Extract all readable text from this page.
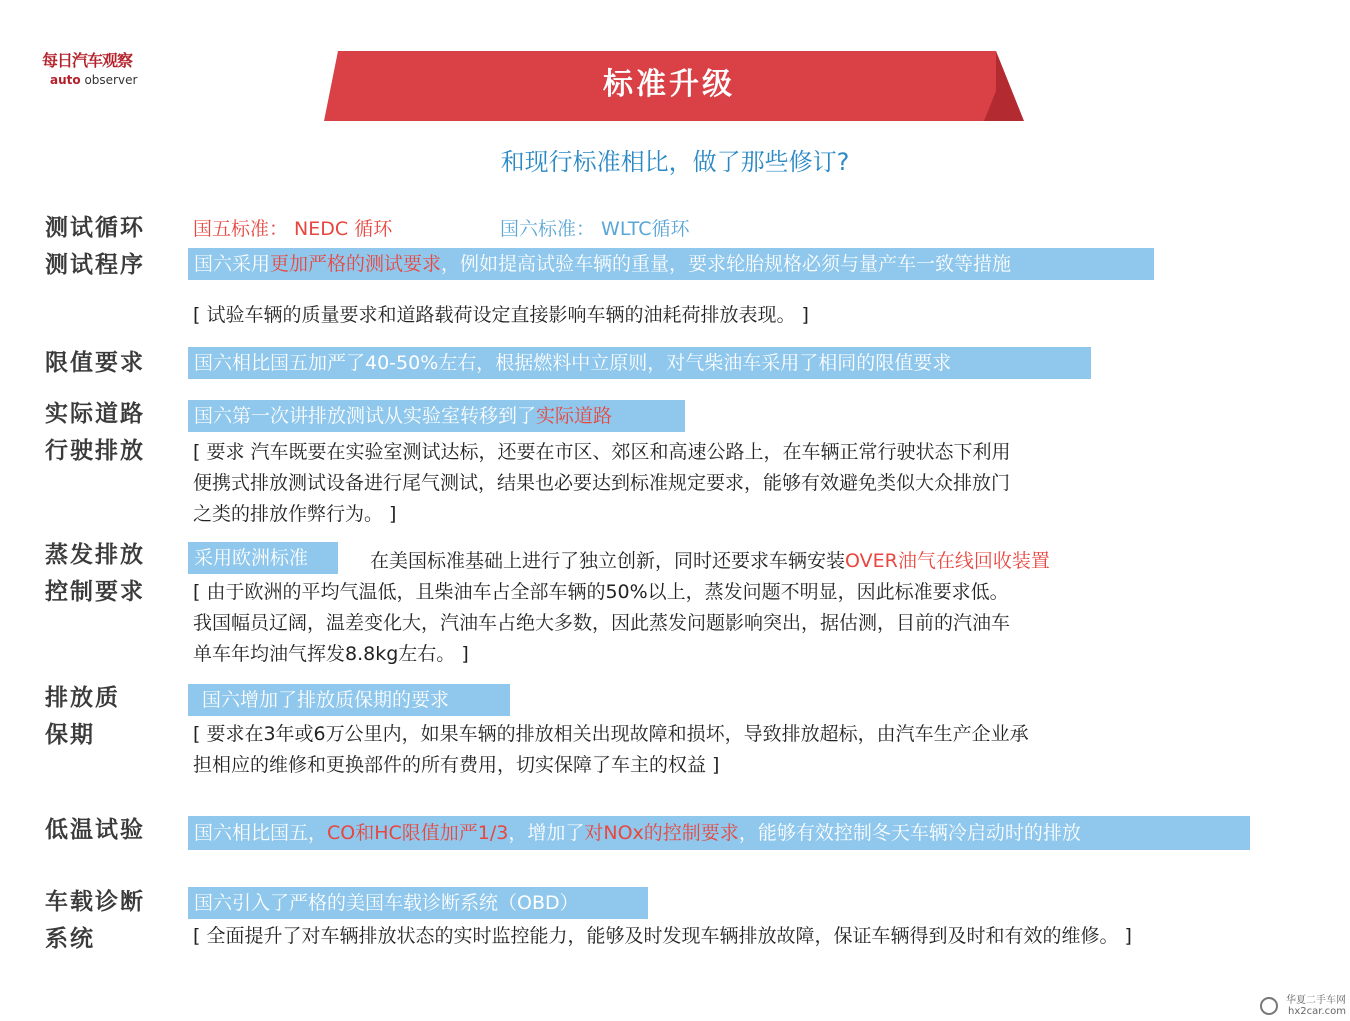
每日汽车观察
auto observer	标准升级
和现行标准相比，做了那些修订?
测试循环
测试程序
国五标准： NEDC 循环	国六标准： WLTC循环
国六采用更加严格的测试要求，例如提高试验车辆的重量，要求轮胎规格必须与量产车一致等措施
[ 试验车辆的质量要求和道路载荷设定直接影响车辆的油耗荷排放表现。 ]
限值要求	国六相比国五加严了40-50%左右，根据燃料中立原则，对气柴油车采用了相同的限值要求
实际道路
行驶排放
国六第一次讲排放测试从实验室转移到了实际道路
[ 要求 汽车既要在实验室测试达标，还要在市区、郊区和高速公路上，在车辆正常行驶状态下利用
便携式排放测试设备进行尾气测试，结果也必要达到标准规定要求，能够有效避免类似大众排放门
之类的排放作弊行为。 ]
蒸发排放
控制要求
采用欧洲标准	在美国标准基础上进行了独立创新，同时还要求车辆安装OVER油气在线回收装置
[ 由于欧洲的平均气温低，且柴油车占全部车辆的50%以上，蒸发问题不明显，因此标准要求低。
我国幅员辽阔，温差变化大，汽油车占绝大多数，因此蒸发问题影响突出，据估测，目前的汽油车
单车年均油气挥发8.8kg左右。 ]
排放质
保期
国六增加了排放质保期的要求
[ 要求在3年或6万公里内，如果车辆的排放相关出现故障和损坏，导致排放超标，由汽车生产企业承
担相应的维修和更换部件的所有费用，切实保障了车主的权益 ]
低温试验	国六相比国五，CO和HC限值加严1/3，增加了对NOx的控制要求，能够有效控制冬天车辆冷启动时的排放
车载诊断
系统
国六引入了严格的美国车载诊断系统（OBD）
[ 全面提升了对车辆排放状态的实时监控能力，能够及时发现车辆排放故障，保证车辆得到及时和有效的维修。 ]
华夏二手车网
hx2car.com
